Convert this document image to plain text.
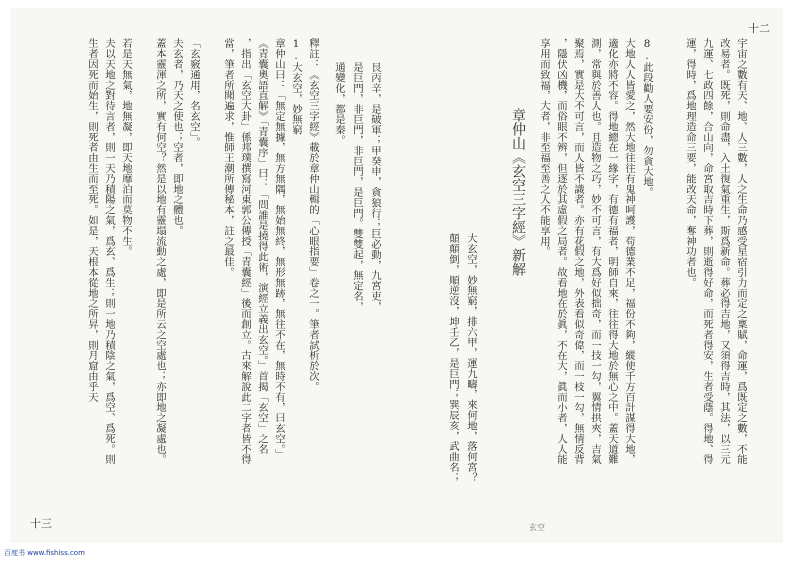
十三
十二
宇宙之數有天、地、人三數，人之生命乃感受星宿引力而定之稟賦，命運，爲既定之數，不能
8.此段勸人要安份，勿貪大地。
大地人人皆愛之，然大地往往有鬼神呵護，苟德業不足，福份不夠，縱使千方百計謀得大地，
章仲山《玄空三字經》新解
大玄空，妙無窮，排六甲，運九疇，來何地，落何宮？
顛顛倒，順逆沒，坤壬乙，是巨門；巽辰亥，武曲名；
艮丙辛，是破軍；甲癸申，貪狼行；巨必動，九宮吏，
是巨門，非巨門，非巨門，是巨門。雙雙起，無定名，
通變化，都是秦。
釋註：《玄空三字經》載於章仲山輯的「心眼指要」卷之一。筆者試析於次。
1.大玄空，妙無窮
章仲山曰：「無定無據，無方無隅，無始無終，無形無跡，無往不在，無時不有，曰玄空。」
「玄竅通用，名玄空」。
夫玄者，乃天之使也；空者，即地之體也。
蓋本靈渾之所，實有何空？然是以地有靈塌流動之處，即是所云之空處也；亦即地之凝處也。
若是天無氣，地無凝，即天地靡泊而莫物不生。
夫以天地之對待言者，則一天乃積陽之氣，爲玄、爲生；則一地乃積陰之氣，爲空、爲死。則
玄空
改易者。既死，則命盡，入土復氣重生，斯爲新命。葬必得吉地，又須得吉時，其法，以三元
九運、七政四餘，合山向，命宮取吉時下葬，則逝得好命，而死者得安，生者受蔭。得地、得
運，得時，爲地理造命三要，能改天命，奪神功者也。
適化亦將不容。得地總在一緣字，有德有福者，明師自來，往往得大地於無心之中。蓋天道難
測，常與於善人也。且造物之巧，妙不可言，有大爲好似拙奇，而一技一勾，翼情拱夾，吉氣
聚焉，實是大不可言，而人皆不識者。亦有花假之地，外表看似奇偉，而一枝一勾，無情反背
，隱伏凶機，而俗眼不辨，但逐於其虛假之局者。故看地在於眞，不在大，眞而小者，人人能
享用而致福，大者，非至福至善之人不能享用。
《青囊奧語直解》「青囊序」曰：「問誰是撓得此術，演經立義出玄空。」首揭「玄空」之名
，指出「玄空大卦」係邦璞撰寫河東郭公傳授「青囊經」後而創立。古來解說此二字者皆不得
當，筆者所聞遍求，惟師王潮所傳秘本，註之最佳。
生者因死而始生，則死者由生而至死。如是，天根本從地之所昇，則月窟由乎天
百度书 www.fishiss.com
